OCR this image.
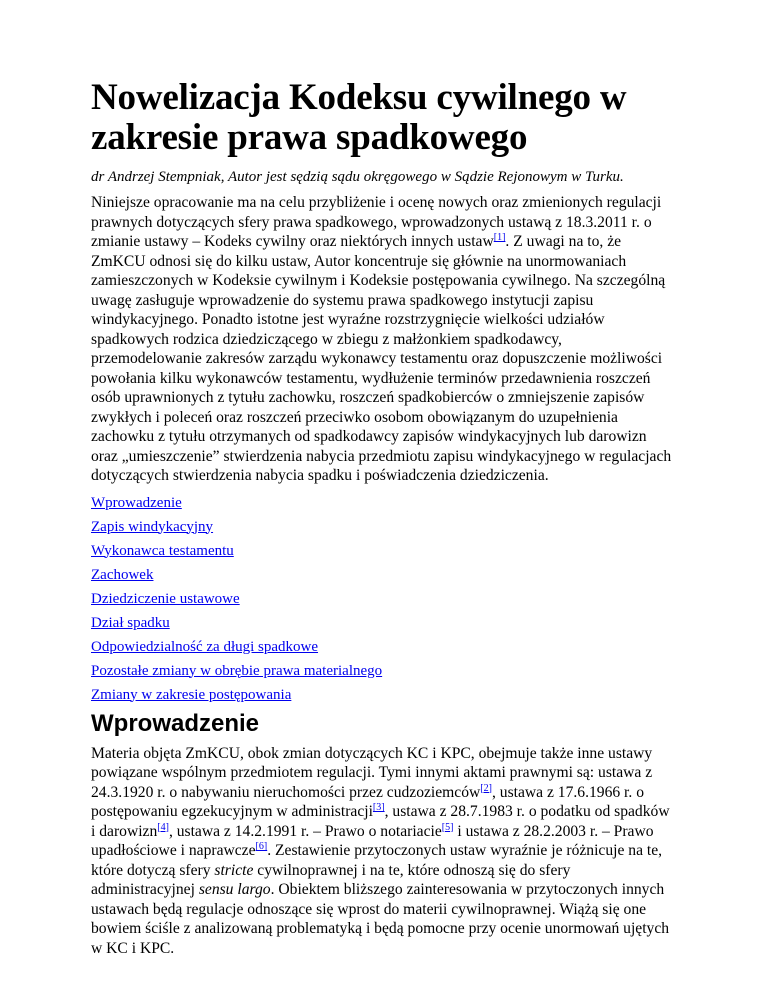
Nowelizacja Kodeksu cywilnego w zakresie prawa spadkowego
dr Andrzej Stempniak, Autor jest sędzią sądu okręgowego w Sądzie Rejonowym w Turku.

Niniejsze opracowanie ma na celu przybliżenie i ocenę nowych oraz zmienionych regulacji prawnych dotyczących sfery prawa spadkowego, wprowadzonych ustawą z 18.3.2011 r. o zmianie ustawy – Kodeks cywilny oraz niektórych innych ustaw[1]. Z uwagi na to, że ZmKCU odnosi się do kilku ustaw, Autor koncentruje się głównie na unormowaniach zamieszczonych w Kodeksie cywilnym i Kodeksie postępowania cywilnego. Na szczególną uwagę zasługuje wprowadzenie do systemu prawa spadkowego instytucji zapisu windykacyjnego. Ponadto istotne jest wyraźne rozstrzygnięcie wielkości udziałów spadkowych rodzica dziedziczącego w zbiegu z małżonkiem spadkodawcy, przemodelowanie zakresów zarządu wykonawcy testamentu oraz dopuszczenie możliwości powołania kilku wykonawców testamentu, wydłużenie terminów przedawnienia roszczeń osób uprawnionych z tytułu zachowku, roszczeń spadkobierców o zmniejszenie zapisów zwykłych i poleceń oraz roszczeń przeciwko osobom obowiązanym do uzupełnienia zachowku z tytułu otrzymanych od spadkodawcy zapisów windykacyjnych lub darowizn oraz „umieszczenie” stwierdzenia nabycia przedmiotu zapisu windykacyjnego w regulacjach dotyczących stwierdzenia nabycia spadku i poświadczenia dziedziczenia.

Wprowadzenie
Zapis windykacyjny
Wykonawca testamentu
Zachowek
Dziedziczenie ustawowe
Dział spadku
Odpowiedzialność za długi spadkowe
Pozostałe zmiany w obrębie prawa materialnego
Zmiany w zakresie postępowania
Wprowadzenie

Materia objęta ZmKCU, obok zmian dotyczących KC i KPC, obejmuje także inne ustawy powiązane wspólnym przedmiotem regulacji. Tymi innymi aktami prawnymi są: ustawa z 24.3.1920 r. o nabywaniu nieruchomości przez cudzoziemców[2], ustawa z 17.6.1966 r. o postępowaniu egzekucyjnym w administracji[3], ustawa z 28.7.1983 r. o podatku od spadków i darowizn[4], ustawa z 14.2.1991 r. – Prawo o notariacie[5] i ustawa z 28.2.2003 r. – Prawo upadłościowe i naprawcze[6]. Zestawienie przytoczonych ustaw wyraźnie je różnicuje na te, które dotyczą sfery stricte cywilnoprawnej i na te, które odnoszą się do sfery administracyjnej sensu largo. Obiektem bliższego zainteresowania w przytoczonych innych ustawach będą regulacje odnoszące się wprost do materii cywilnoprawnej. Wiążą się one bowiem ściśle z analizowaną problematyką i będą pomocne przy ocenie unormowań ujętych w KC i KPC.
